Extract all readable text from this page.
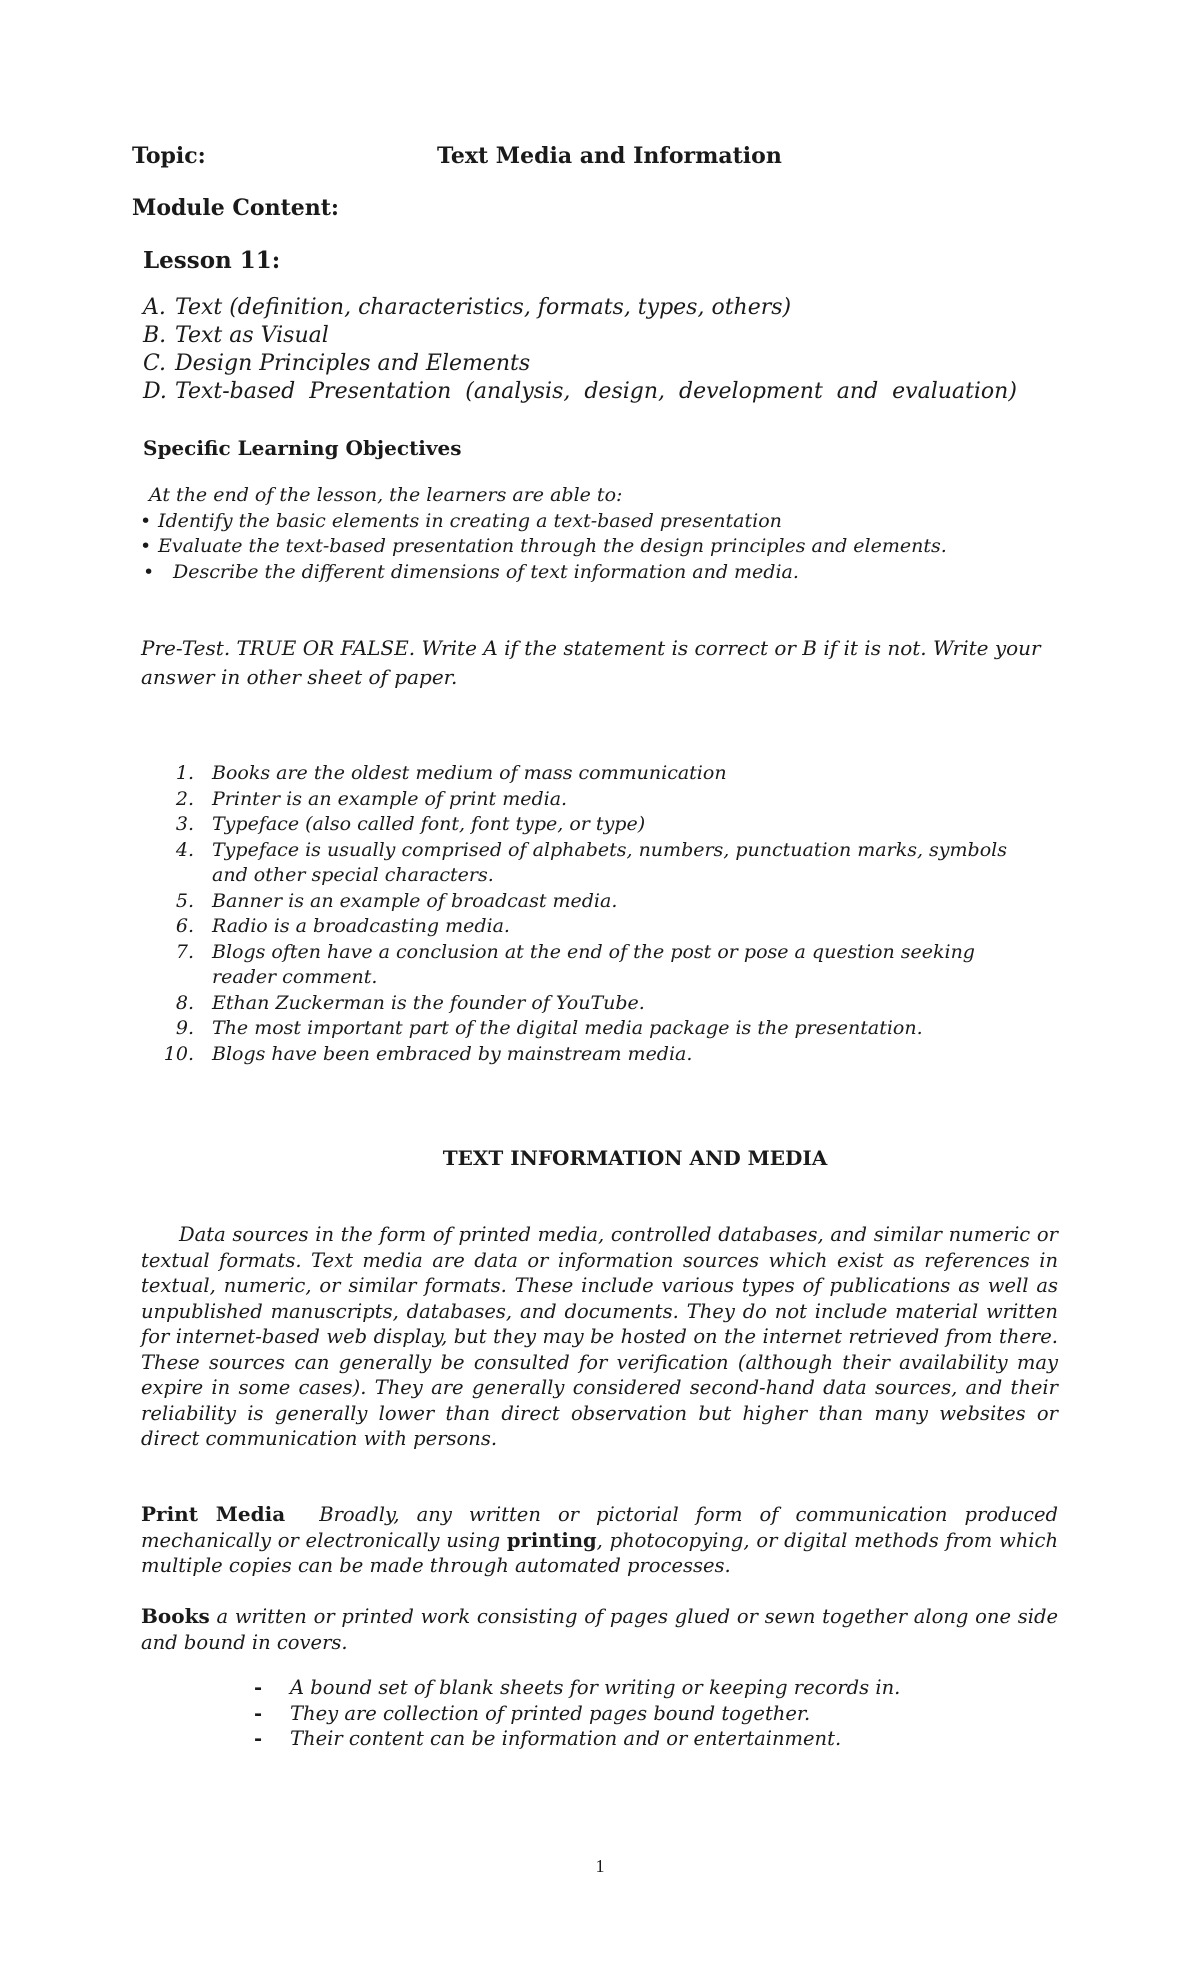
Topic:	Text Media and Information
Module Content:
Lesson 11:
A. Text (definition, characteristics, formats, types, others)
B. Text as Visual
C. Design Principles and Elements
D. Text-based  Presentation  (analysis,  design,  development  and  evaluation)
Specific Learning Objectives
At the end of the lesson, the learners are able to:
• Identify the basic elements in creating a text-based presentation
• Evaluate the text-based presentation through the design principles and elements.
• Describe the different dimensions of text information and media.
Pre-Test. TRUE OR FALSE. Write A if the statement is correct or B if it is not. Write your answer in other sheet of paper.
1. Books are the oldest medium of mass communication
2. Printer is an example of print media.
3. Typeface (also called font, font type, or type)
4. Typeface is usually comprised of alphabets, numbers, punctuation marks, symbols and other special characters.
5. Banner is an example of broadcast media.
6. Radio is a broadcasting media.
7. Blogs often have a conclusion at the end of the post or pose a question seeking reader comment.
8. Ethan Zuckerman is the founder of YouTube.
9. The most important part of the digital media package is the presentation.
10. Blogs have been embraced by mainstream media.
TEXT INFORMATION AND MEDIA
Data sources in the form of printed media, controlled databases, and similar numeric or textual formats. Text media are data or information sources which exist as references in textual, numeric, or similar formats. These include various types of publications as well as unpublished manuscripts, databases, and documents. They do not include material written for internet-based web display, but they may be hosted on the internet retrieved from there. These sources can generally be consulted for verification (although their availability may expire in some cases). They are generally considered second-hand data sources, and their reliability is generally lower than direct observation but higher than many websites or direct communication with persons.
Print Media Broadly, any written or pictorial form of communication produced mechanically or electronically using printing, photocopying, or digital methods from which multiple copies can be made through automated processes.
Books a written or printed work consisting of pages glued or sewn together along one side and bound in covers.
- A bound set of blank sheets for writing or keeping records in.
- They are collection of printed pages bound together.
- Their content can be information and or entertainment.
1
